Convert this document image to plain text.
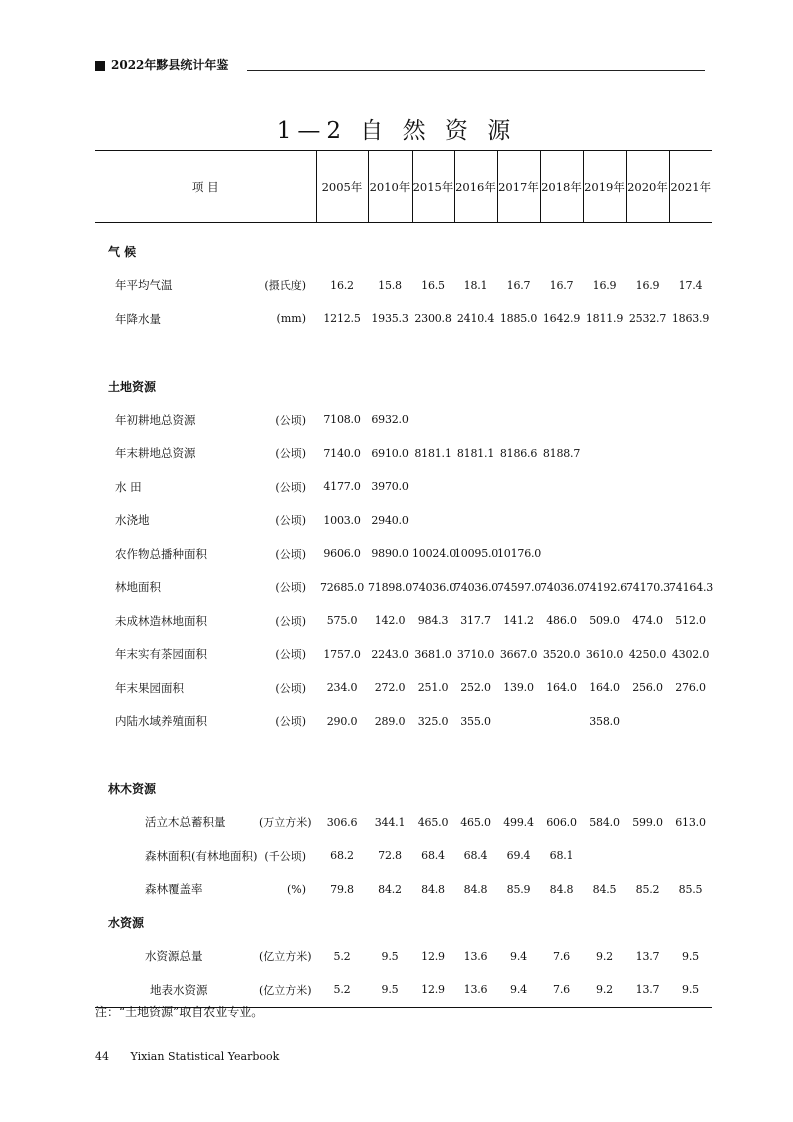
2022年黟县统计年鉴
1—2 自 然 资 源
项 目		2005年	2010年	2015年	2016年	2017年	2018年	2019年	2020年	2021年

气 候										
年平均气温	(摄氏度)	16.2	15.8	16.5	18.1	16.7	16.7	16.9	16.9	17.4
年降水量	(mm)	1212.5	1935.3	2300.8	2410.4	1885.0	1642.9	1811.9	2532.7	1863.9

土地资源										
年初耕地总资源	(公顷)	7108.0	6932.0							
年末耕地总资源	(公顷)	7140.0	6910.0	8181.1	8181.1	8186.6	8188.7			
水 田	(公顷)	4177.0	3970.0							
水浇地	(公顷)	1003.0	2940.0							
农作物总播种面积	(公顷)	9606.0	9890.0	10024.0	10095.0	10176.0				
林地面积	(公顷)	72685.0	71898.0	74036.0	74036.0	74597.0	74036.0	74192.6	74170.3	74164.3
未成林造林地面积	(公顷)	575.0	142.0	984.3	317.7	141.2	486.0	509.0	474.0	512.0
年末实有茶园面积	(公顷)	1757.0	2243.0	3681.0	3710.0	3667.0	3520.0	3610.0	4250.0	4302.0
年末果园面积	(公顷)	234.0	272.0	251.0	252.0	139.0	164.0	164.0	256.0	276.0
内陆水域养殖面积	(公顷)	290.0	289.0	325.0	355.0			358.0		

林木资源										
活立木总蓄积量	(万立方米)	306.6	344.1	465.0	465.0	499.4	606.0	584.0	599.0	613.0
森林面积(有林地面积)	(千公顷)	68.2	72.8	68.4	68.4	69.4	68.1			
森林覆盖率	(%)	79.8	84.2	84.8	84.8	85.9	84.8	84.5	85.2	85.5
水资源										
水资源总量	(亿立方米)	5.2	9.5	12.9	13.6	9.4	7.6	9.2	13.7	9.5
地表水资源	(亿立方米)	5.2	9.5	12.9	13.6	9.4	7.6	9.2	13.7	9.5
注：“土地资源”取自农业专业。
44 Yixian Statistical Yearbook
